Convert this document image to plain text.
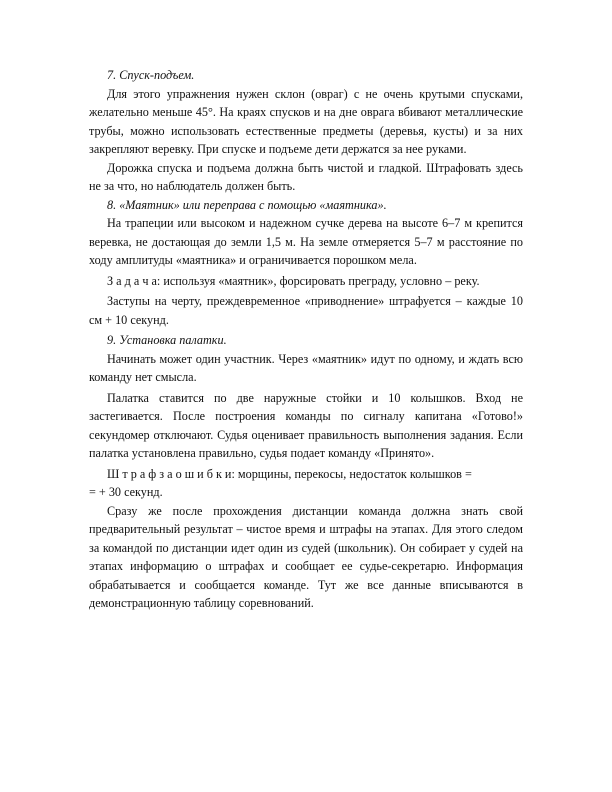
7. Спуск-подъем.

Для этого упражнения нужен склон (овраг) с не очень крутыми спусками, желательно меньше 45°. На краях спусков и на дне оврага вбивают металлические трубы, можно использовать естественные предметы (деревья, кусты) и за них закрепляют веревку. При спуске и подъеме дети держатся за нее руками.

Дорожка спуска и подъема должна быть чистой и гладкой. Штрафовать здесь не за что, но наблюдатель должен быть.

8. «Маятник» или переправа с помощью «маятника».

На трапеции или высоком и надежном сучке дерева на высоте 6–7 м крепится веревка, не достающая до земли 1,5 м. На земле отмеряется 5–7 м расстояние по ходу амплитуды «маятника» и ограничивается порошком мела.

З а д а ч а: используя «маятник», форсировать преграду, условно – реку.

Заступы на черту, преждевременное «приводнение» штрафуется – каждые 10 см + 10 секунд.

9. Установка палатки.

Начинать может один участник. Через «маятник» идут по одному, и ждать всю команду нет смысла.

Палатка ставится по две наружные стойки и 10 колышков. Вход не застегивается. После построения команды по сигналу капитана «Готово!» секундомер отключают. Судья оценивает правильность выполнения задания. Если палатка установлена правильно, судья подает команду «Принято».

Ш т р а ф з а о ш и б к и: морщины, перекосы, недостаток колышков =

= + 30 секунд.

Сразу же после прохождения дистанции команда должна знать свой предварительный результат – чистое время и штрафы на этапах. Для этого следом за командой по дистанции идет один из судей (школьник). Он собирает у судей на этапах информацию о штрафах и сообщает ее судье-секретарю. Информация обрабатывается и сообщается команде. Тут же все данные вписываются в демонстрационную таблицу соревнований.
